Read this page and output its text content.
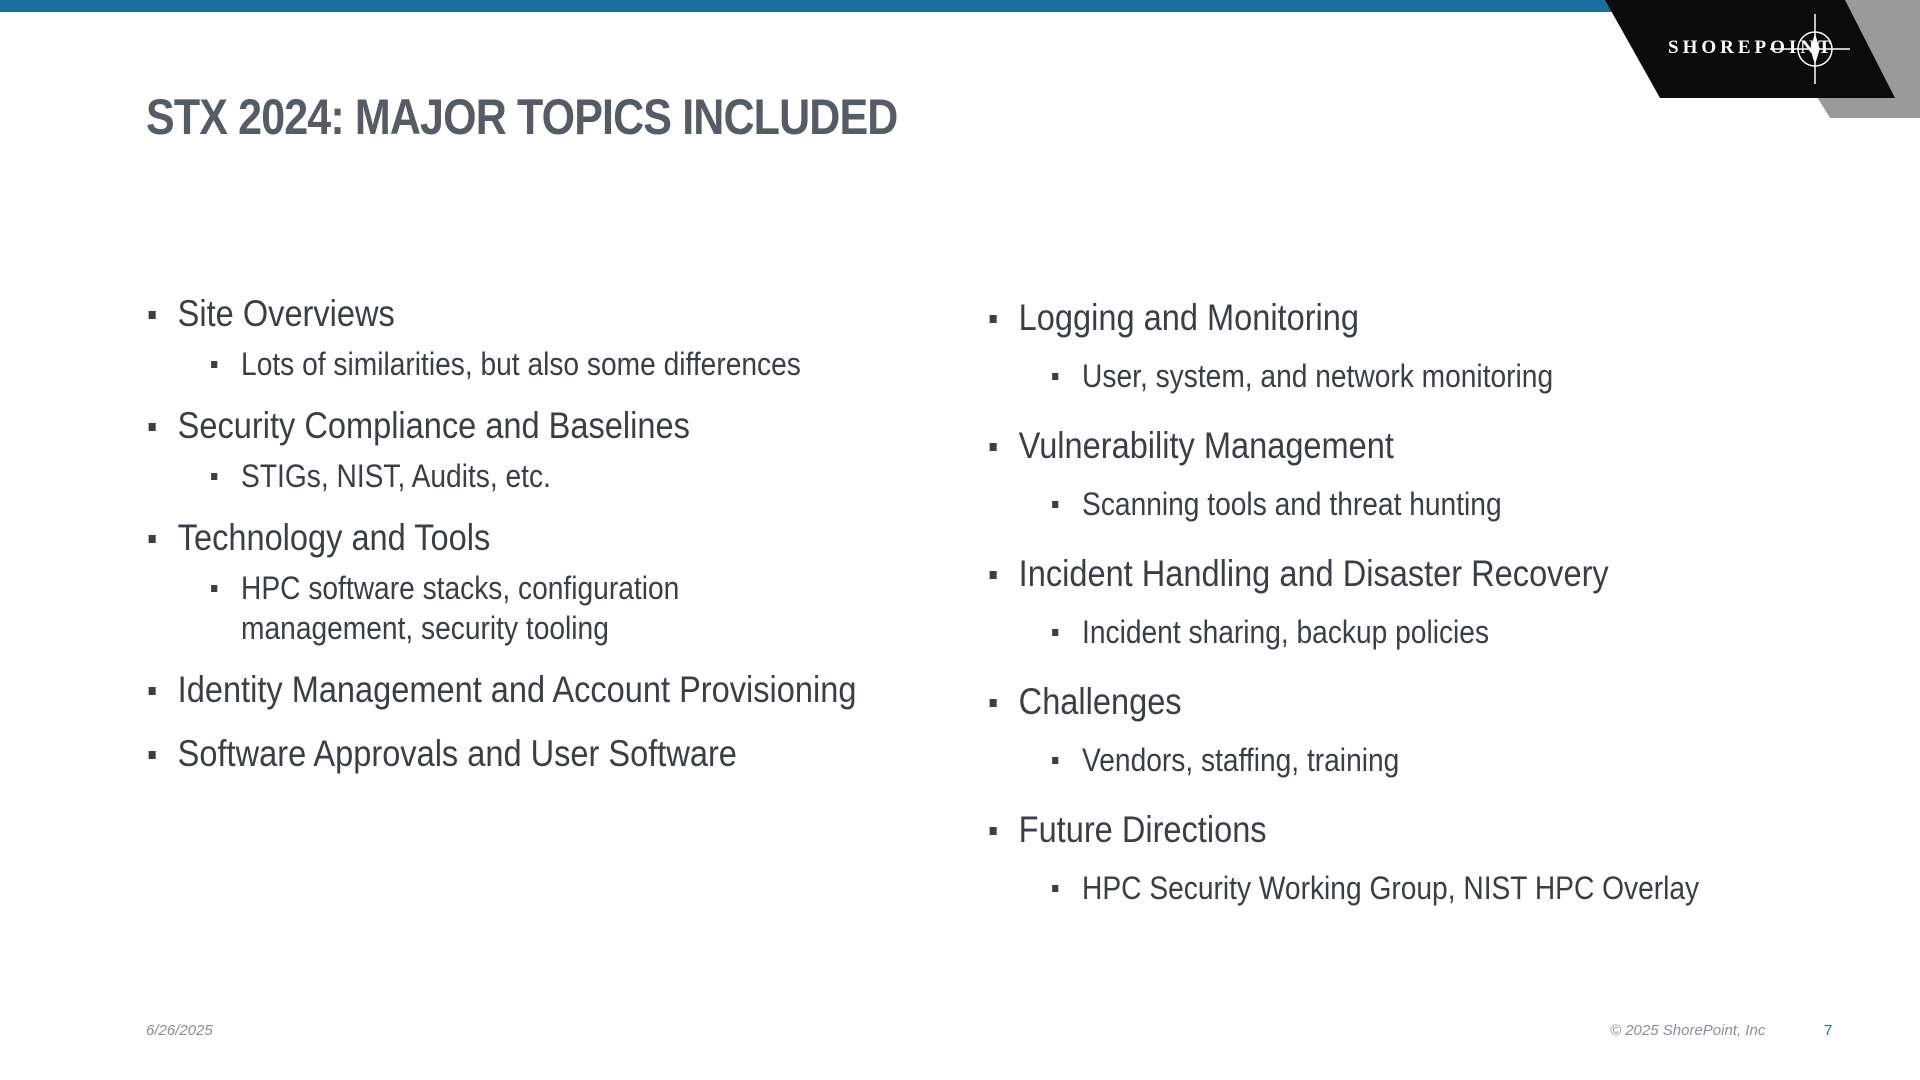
SHOREPOINT
STX 2024: MAJOR TOPICS INCLUDED
Site Overviews
Lots of similarities, but also some differences
Security Compliance and Baselines
STIGs, NIST, Audits, etc.
Technology and Tools
HPC software stacks, configuration
management, security tooling
Identity Management and Account Provisioning
Software Approvals and User Software
Logging and Monitoring
User, system, and network monitoring
Vulnerability Management
Scanning tools and threat hunting
Incident Handling and Disaster Recovery
Incident sharing, backup policies
Challenges
Vendors, staffing, training
Future Directions
HPC Security Working Group, NIST HPC Overlay
6/26/2025	© 2025 ShorePoint, Inc	7
